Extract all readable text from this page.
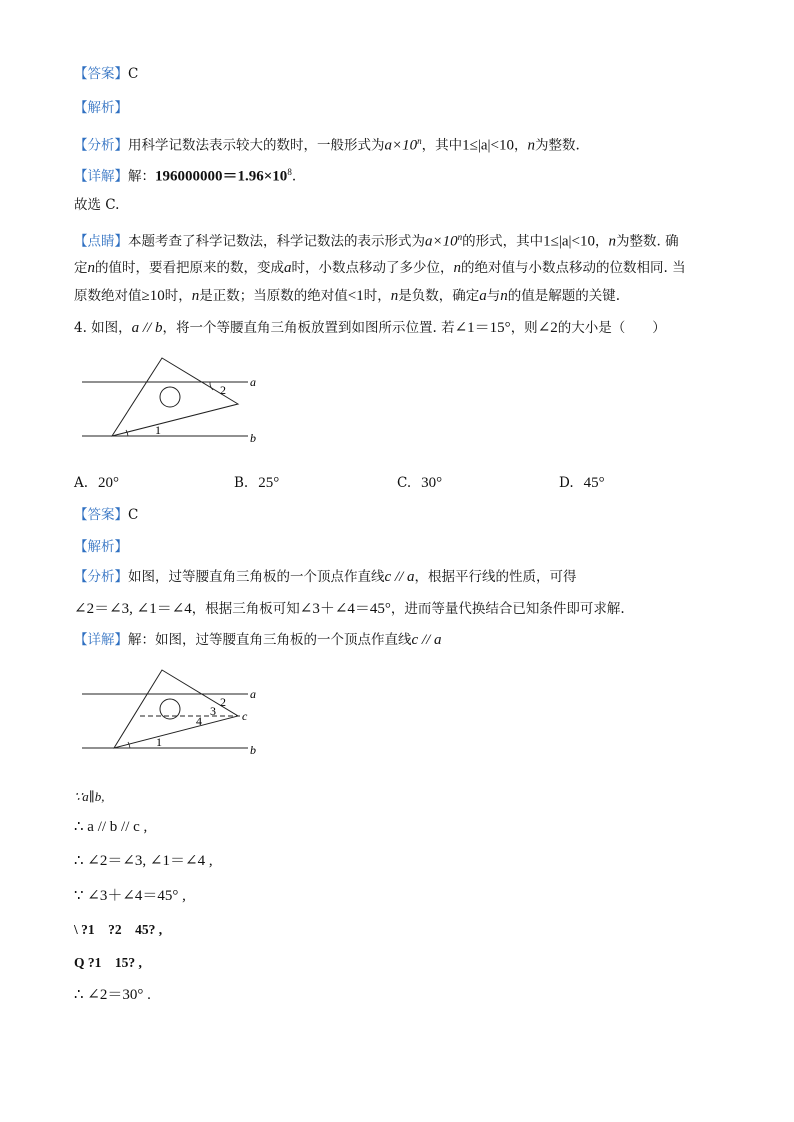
【答案】C
【解析】
【分析】用科学记数法表示较大的数时，一般形式为$a\times 10^n$，其中1≤|a|<10，n为整数.
【详解】解：$196000000=1.96\times 10^8$.
故选 C.
【点睛】本题考查了科学记数法，科学记数法的表示形式为$a\times 10^n$的形式，其中1≤|a|<10，n为整数. 确
定n的值时，要看把原来的数，变成a时，小数点移动了多少位，n的绝对值与小数点移动的位数相同. 当
原数绝对值≥10时，n是正数；当原数的绝对值<1时，n是负数，确定a与n的值是解题的关键.
4. 如图，a // b，将一个等腰直角三角板放置到如图所示位置. 若∠1＝15°，则∠2的大小是（　　）
a
b
1
2
A. 20°	B. 25°	C. 30°	D. 45°
【答案】C
【解析】
【分析】如图，过等腰直角三角板的一个顶点作直线c // a，根据平行线的性质，可得
∠2＝∠3, ∠1＝∠4，根据三角板可知∠3＋∠4＝45°，进而等量代换结合已知条件即可求解.
【详解】解：如图，过等腰直角三角板的一个顶点作直线c // a
a
c
b
1
2
3
4
∵a∥b,
∴ a // b // c ,
∴ ∠2＝∠3, ∠1＝∠4 ,
∵ ∠3＋∠4＝45° ,
\ ?1　?2　45? ,
Q ?1　15? ,
∴ ∠2＝30° .
